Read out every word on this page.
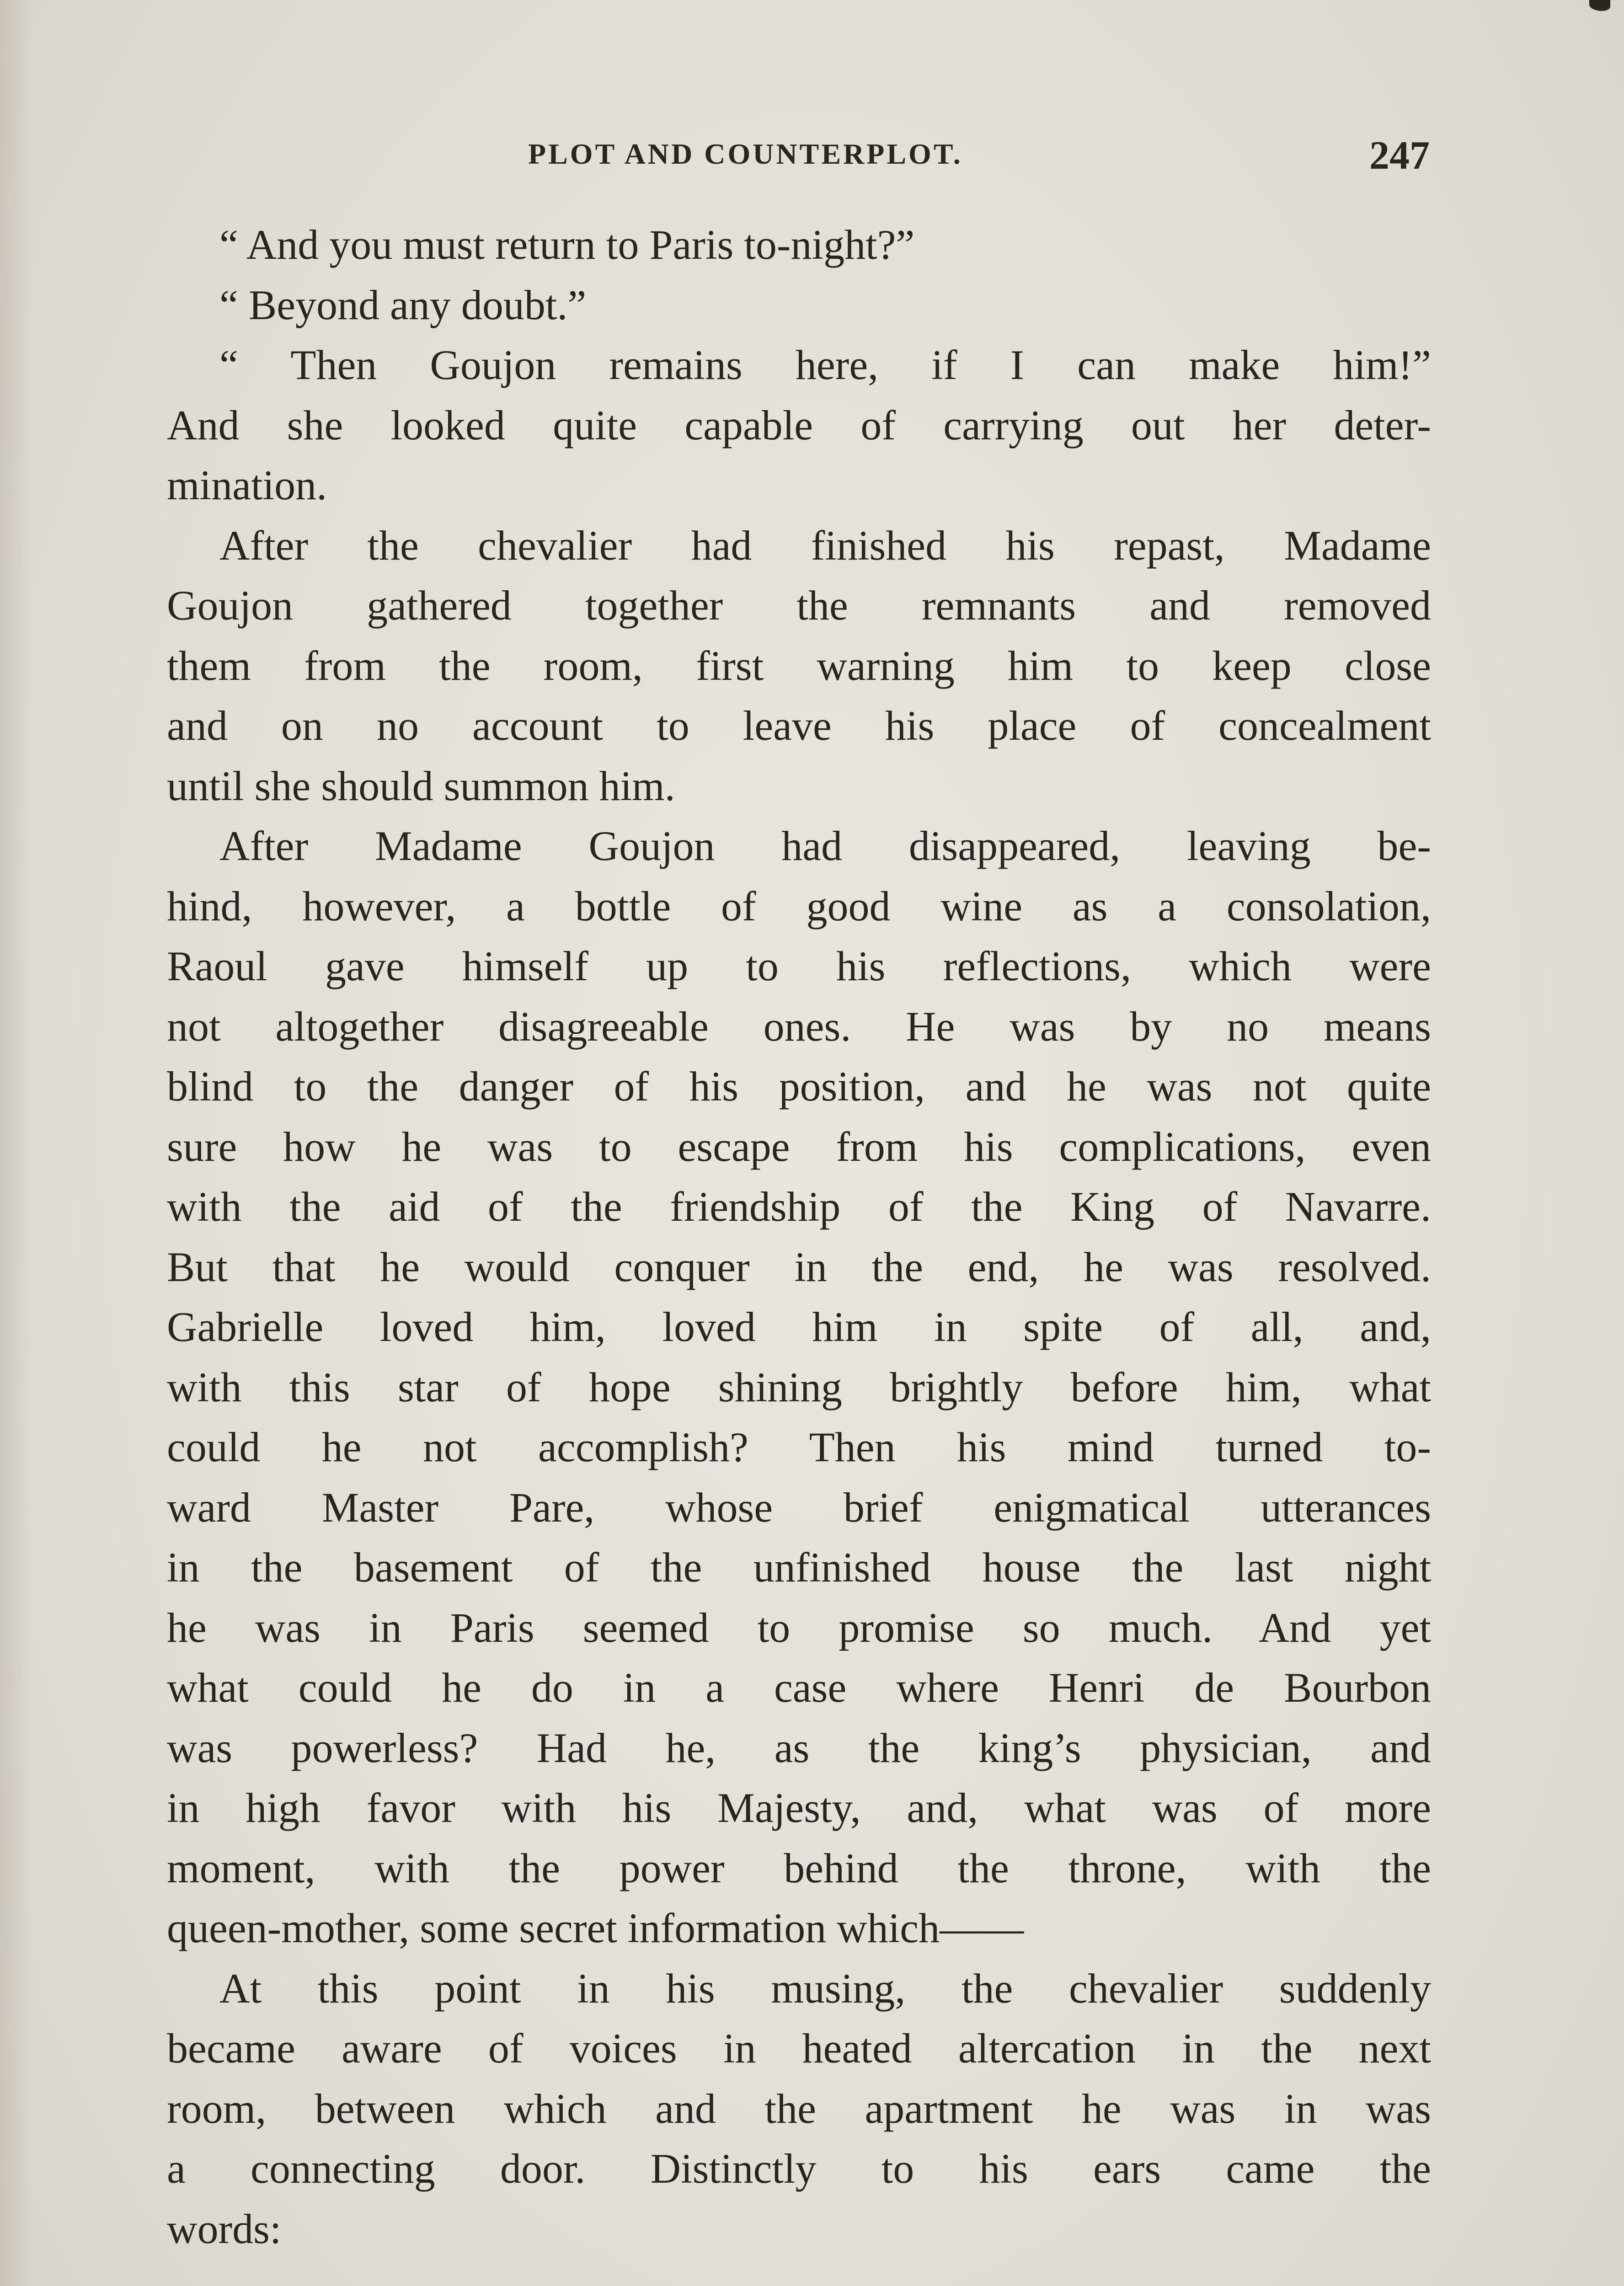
PLOT AND COUNTERPLOT.	247
“ And you must return to Paris to-night?”
“ Beyond any doubt.”
“ Then Goujon remains here, if I can make him!”
And she looked quite capable of carrying out her deter-
mination.
After the chevalier had finished his repast, Madame
Goujon gathered together the remnants and removed
them from the room, first warning him to keep close
and on no account to leave his place of concealment
until she should summon him.
After Madame Goujon had disappeared, leaving be-
hind, however, a bottle of good wine as a consolation,
Raoul gave himself up to his reflections, which were
not altogether disagreeable ones. He was by no means
blind to the danger of his position, and he was not quite
sure how he was to escape from his complications, even
with the aid of the friendship of the King of Navarre.
But that he would conquer in the end, he was resolved.
Gabrielle loved him, loved him in spite of all, and,
with this star of hope shining brightly before him, what
could he not accomplish? Then his mind turned to-
ward Master Pare, whose brief enigmatical utterances
in the basement of the unfinished house the last night
he was in Paris seemed to promise so much. And yet
what could he do in a case where Henri de Bourbon
was powerless? Had he, as the king’s physician, and
in high favor with his Majesty, and, what was of more
moment, with the power behind the throne, with the
queen-mother, some secret information which——
At this point in his musing, the chevalier suddenly
became aware of voices in heated altercation in the next
room, between which and the apartment he was in was
a connecting door. Distinctly to his ears came the
words:
